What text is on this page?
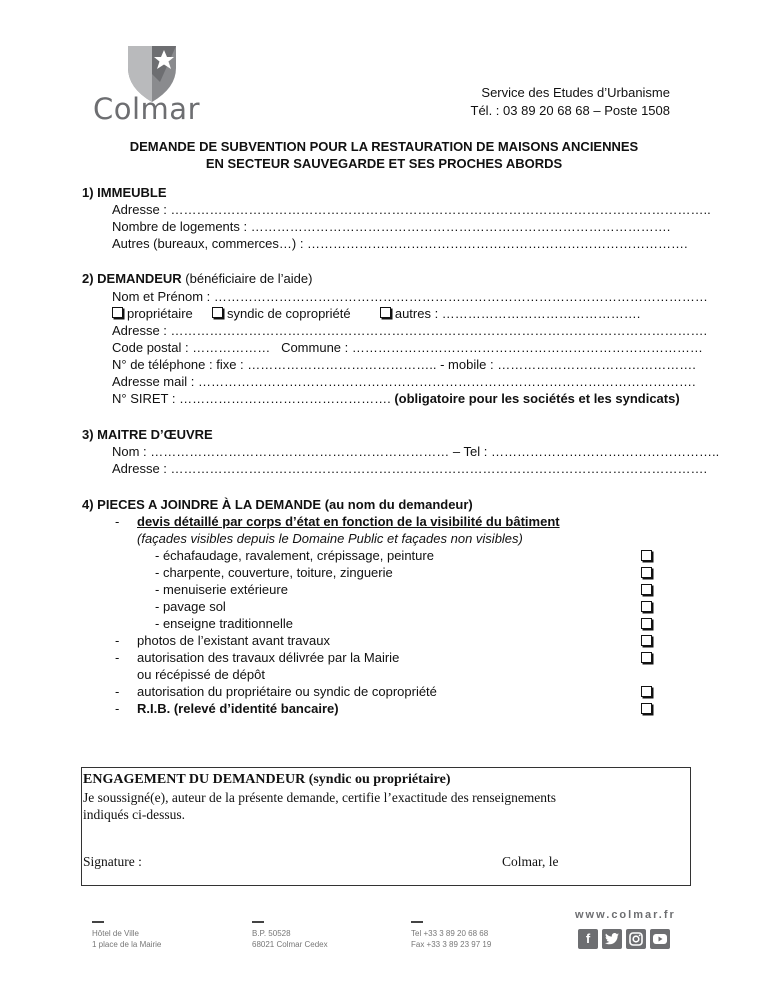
Colmar	Service des Etudes d’Urbanisme
Tél. : 03 89 20 68 68 – Poste 1508
DEMANDE DE SUBVENTION POUR LA RESTAURATION DE MAISONS ANCIENNES
EN SECTEUR SAUVEGARDE ET SES PROCHES ABORDS
1) IMMEUBLE
Adresse : ……………………………………………………………………………………………………………..
Nombre de logements : …………………………………………………………………………………….
Autres (bureaux, commerces…) : …………………………………………………………………………….
2) DEMANDEUR (bénéficiaire de l’aide)
Nom et Prénom : ……………………………………………………………………………………………………
propriétaire	syndic de copropriété	autres : ……………………………………….
Adresse : …………………………………………………………………………………………………………….
Code postal : ……………… Commune : ………………………………………………………………………
N° de téléphone : fixe : …………………………………….. - mobile : ……………………………………….
Adresse mail : …………………………………………………………………………………………………….
N° SIRET : …………………………………………. (obligatoire pour les sociétés et les syndicats)
3) MAITRE D’ŒUVRE
Nom : …………………………………………………………… – Tel : ……………………………………………..
Adresse : …………………………………………………………………………………………………………….
4) PIECES A JOINDRE À LA DEMANDE (au nom du demandeur)
- devis détaillé par corps d’état en fonction de la visibilité du bâtiment
(façades visibles depuis le Domaine Public et façades non visibles)
- échafaudage, ravalement, crépissage, peinture
- charpente, couverture, toiture, zinguerie
- menuiserie extérieure
- pavage sol
- enseigne traditionnelle
- photos de l’existant avant travaux
- autorisation des travaux délivrée par la Mairie
ou récépissé de dépôt
- autorisation du propriétaire ou syndic de copropriété
- R.I.B. (relevé d’identité bancaire)
ENGAGEMENT DU DEMANDEUR (syndic ou propriétaire)
Je soussigné(e), auteur de la présente demande, certifie l’exactitude des renseignements
indiqués ci-dessus.
Signature :	Colmar, le
Hôtel de Ville
1 place de la Mairie
B.P. 50528
68021 Colmar Cedex
Tel +33 3 89 20 68 68
Fax +33 3 89 23 97 19
www.colmar.fr
f
